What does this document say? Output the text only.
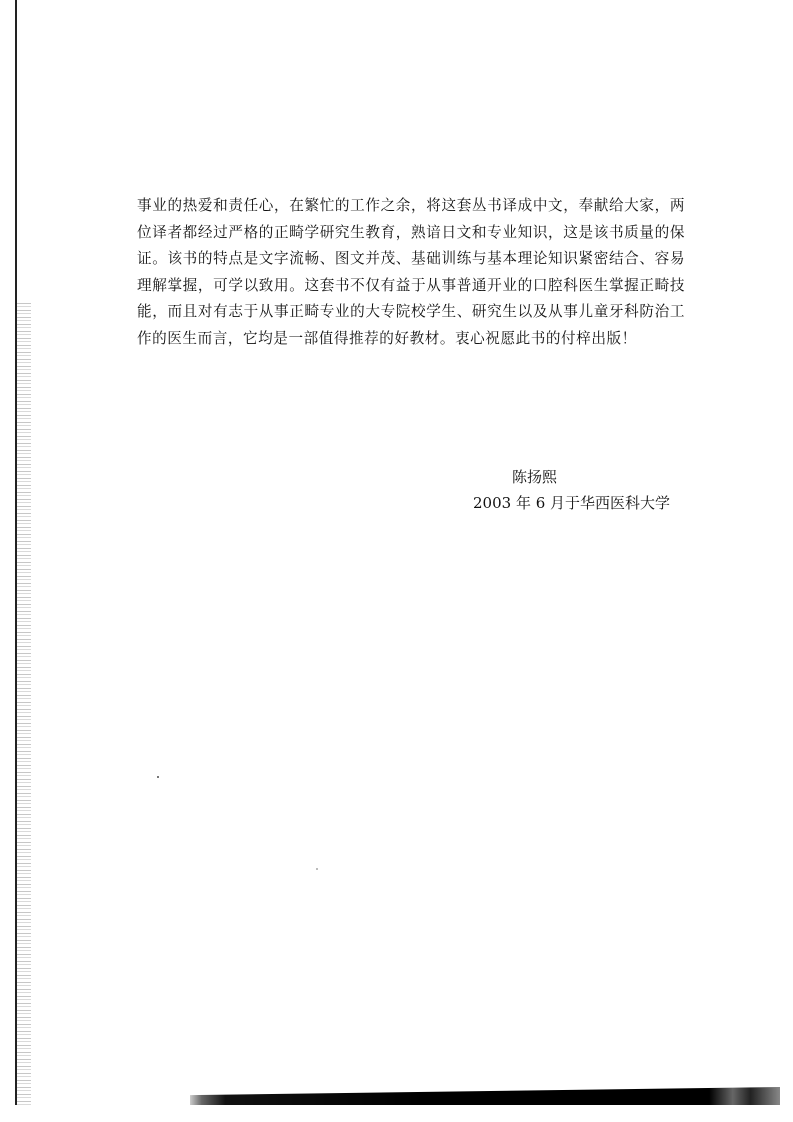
事业的热爱和责任心，在繁忙的工作之余，将这套丛书译成中文，奉献给大家，两位译者都经过严格的正畸学研究生教育，熟谙日文和专业知识，这是该书质量的保证。该书的特点是文字流畅、图文并茂、基础训练与基本理论知识紧密结合、容易理解掌握，可学以致用。这套书不仅有益于从事普通开业的口腔科医生掌握正畸技能，而且对有志于从事正畸专业的大专院校学生、研究生以及从事儿童牙科防治工作的医生而言，它均是一部值得推荐的好教材。衷心祝愿此书的付梓出版！

陈扬熙
2003 年 6 月于华西医科大学
